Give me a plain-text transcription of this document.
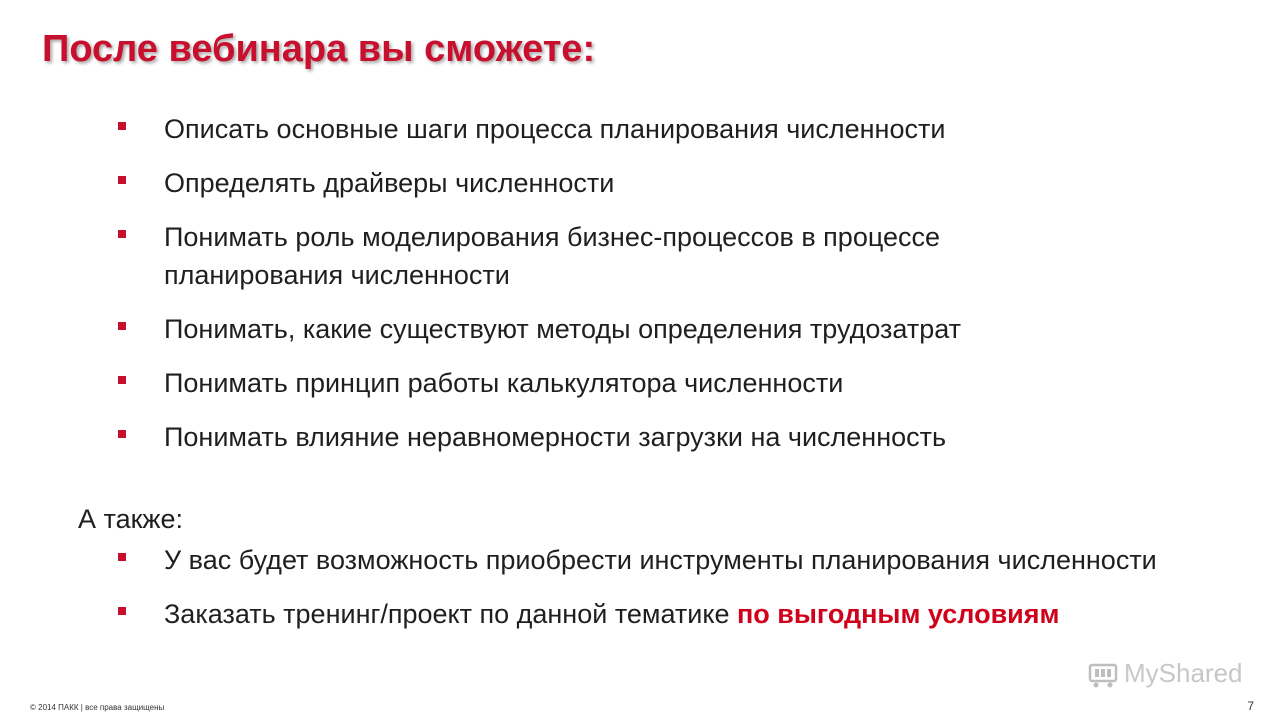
После вебинара вы сможете:
Описать основные шаги процесса планирования численности
Определять драйверы численности
Понимать роль моделирования бизнес-процессов в процессе планирования численности
Понимать, какие существуют методы определения трудозатрат
Понимать принцип работы калькулятора численности
Понимать влияние неравномерности загрузки на численность
А также:
У вас будет возможность приобрести инструменты планирования численности
Заказать тренинг/проект по данной тематике по выгодным условиям
MyShared
© 2014 ПАКК | все права защищены	7
